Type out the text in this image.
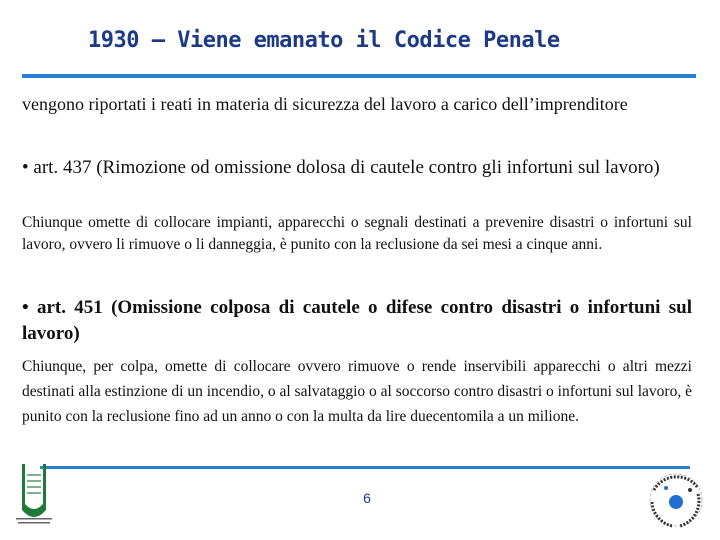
1930 – Viene emanato il Codice Penale
vengono riportati i reati in materia di sicurezza del lavoro a carico dell’imprenditore
• art. 437 (Rimozione od omissione dolosa di cautele contro gli infortuni sul lavoro)
Chiunque omette di collocare impianti, apparecchi o segnali destinati a prevenire disastri o infortuni sul lavoro, ovvero li rimuove o li danneggia, è punito con la reclusione da sei mesi a cinque anni.
• art. 451 (Omissione colposa di cautele o difese contro disastri o infortuni sul lavoro)
Chiunque, per colpa, omette di collocare ovvero rimuove o rende inservibili apparecchi o altri mezzi destinati alla estinzione di un incendio, o al salvataggio o al soccorso contro disastri o infortuni sul lavoro, è punito con la reclusione fino ad un anno o con la multa da lire duecentomila a un milione.
6
